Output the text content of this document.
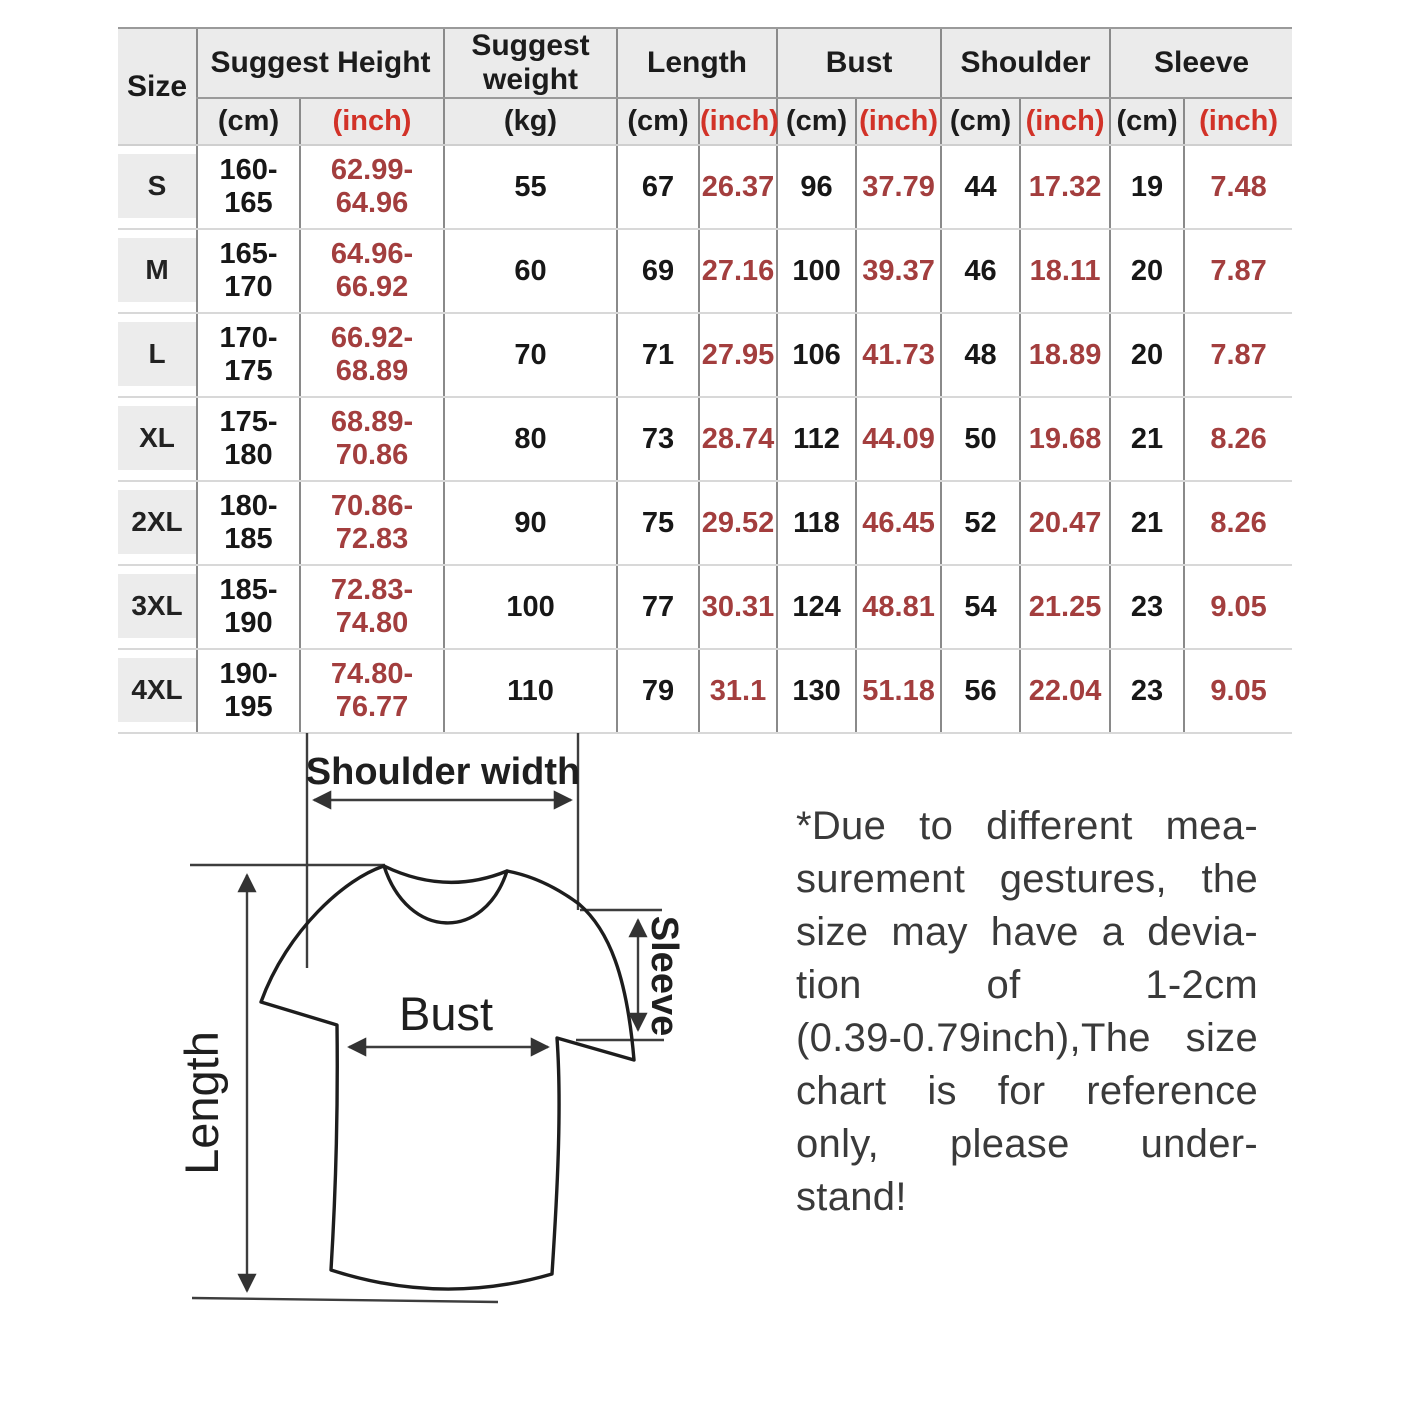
Size	Suggest Height		Suggest weight	Length		Bust		Shoulder		Sleeve	
	(cm)	(inch)	(kg)	(cm)	(inch)	(cm)	(inch)	(cm)	(inch)	(cm)	(inch)

S	160-165	62.99-64.96	55	67	26.37	96	37.79	44	17.32	19	7.48

M	165-170	64.96-66.92	60	69	27.16	100	39.37	46	18.11	20	7.87

L	170-175	66.92-68.89	70	71	27.95	106	41.73	48	18.89	20	7.87

XL	175-180	68.89-70.86	80	73	28.74	112	44.09	50	19.68	21	8.26

2XL	180-185	70.86-72.83	90	75	29.52	118	46.45	52	20.47	21	8.26

3XL	185-190	72.83-74.80	100	77	30.31	124	48.81	54	21.25	23	9.05

4XL	190-195	74.80-76.77	110	79	31.1	130	51.18	56	22.04	23	9.05
Shoulder width
Bust
Length
Sleeve
*Due to different mea-
surement gestures, the
size may have a devia-
tion of 1-2cm
(0.39-0.79inch),The size
chart is for reference
only, please under-
stand!
